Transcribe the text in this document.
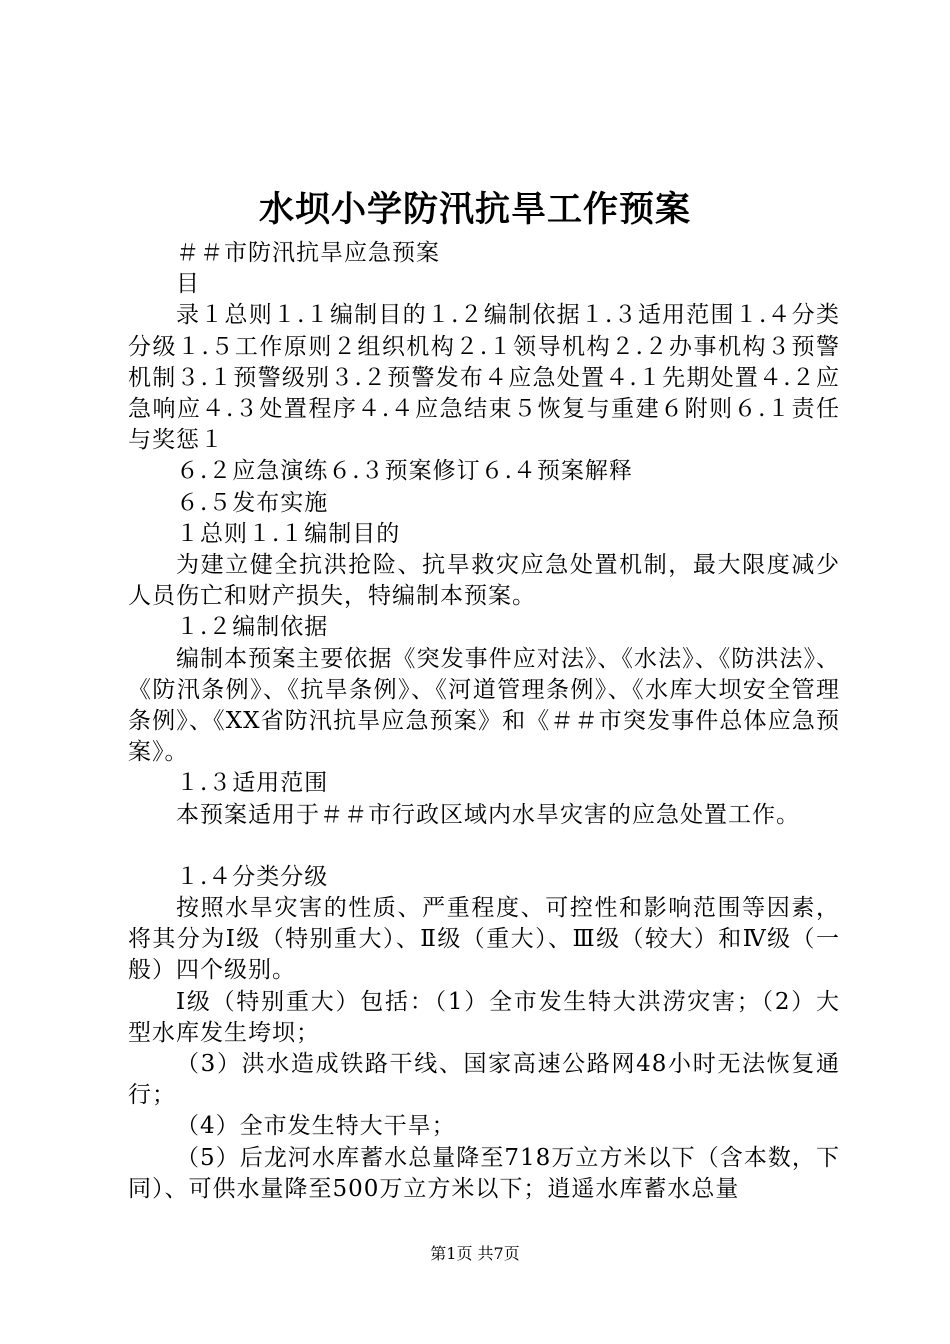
水坝小学防汛抗旱工作预案

＃＃市防汛抗旱应急预案

目

录１总则１.１编制目的１.２编制依据１.３适用范围１.４分类分级１.５工作原则２组织机构２.１领导机构２.２办事机构３预警机制３.１预警级别３.２预警发布４应急处置４.１先期处置４.２应急响应４.３处置程序４.４应急结束５恢复与重建６附则６.１责任与奖惩１

６.２应急演练６.３预案修订６.４预案解释

６.５发布实施

１总则１.１编制目的

为建立健全抗洪抢险、抗旱救灾应急处置机制，最大限度减少人员伤亡和财产损失，特编制本预案。

１.２编制依据

编制本预案主要依据《突发事件应对法》、《水法》、《防洪法》、《防汛条例》、《抗旱条例》、《河道管理条例》、《水库大坝安全管理条例》、《XX省防汛抗旱应急预案》和《＃＃市突发事件总体应急预案》。

１.３适用范围

本预案适用于＃＃市行政区域内水旱灾害的应急处置工作。

１.４分类分级

按照水旱灾害的性质、严重程度、可控性和影响范围等因素，将其分为Ⅰ级（特别重大）、Ⅱ级（重大）、Ⅲ级（较大）和Ⅳ级（一般）四个级别。

Ⅰ级（特别重大）包括：（1）全市发生特大洪涝灾害；（2）大型水库发生垮坝；

（3）洪水造成铁路干线、国家高速公路网48小时无法恢复通行；

（4）全市发生特大干旱；

（5）后龙河水库蓄水总量降至718万立方米以下（含本数，下同）、可供水量降至500万立方米以下；逍遥水库蓄水总量

第1页 共7页
